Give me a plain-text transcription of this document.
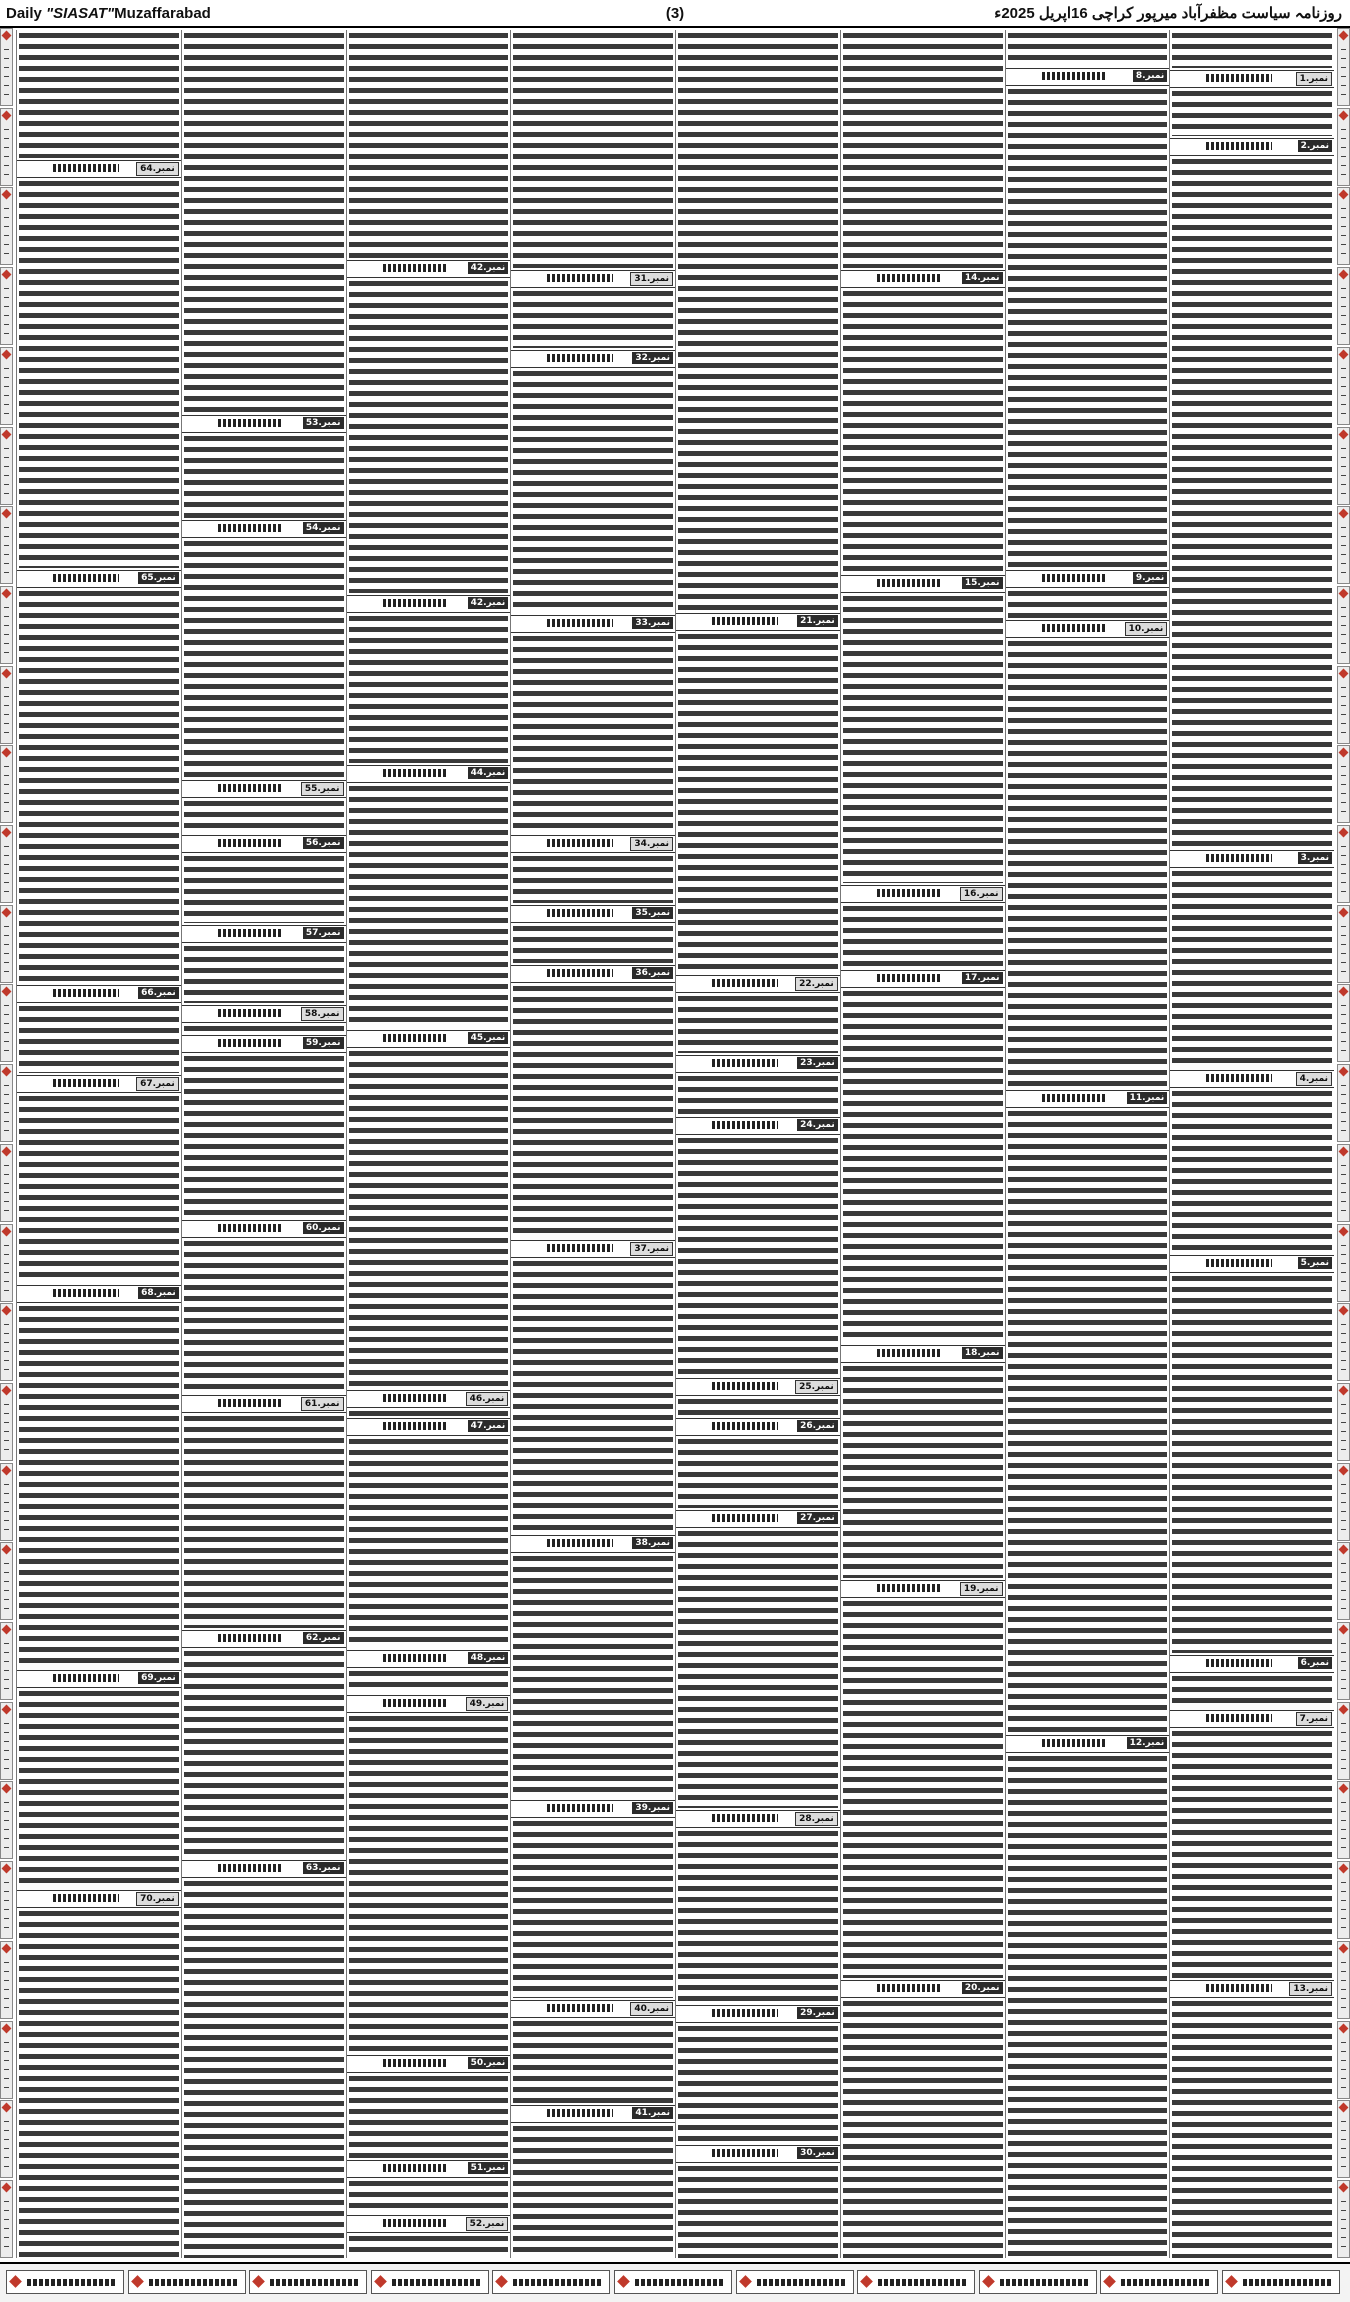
Daily "SIASAT"Muzaffarabad	(3)	روزنامہ سیاست مظفرآباد میرپور کراچی 16اپریل 2025ء
نمبر.1
نمبر.2
نمبر.3
نمبر.4
نمبر.5
نمبر.6
نمبر.7
نمبر.13
نمبر.8
نمبر.9
نمبر.10
نمبر.11
نمبر.12
نمبر.14
نمبر.15
نمبر.16
نمبر.17
نمبر.18
نمبر.19
نمبر.20
نمبر.21
نمبر.22
نمبر.23
نمبر.24
نمبر.25
نمبر.26
نمبر.27
نمبر.28
نمبر.29
نمبر.30
نمبر.31
نمبر.32
نمبر.33
نمبر.34
نمبر.35
نمبر.36
نمبر.37
نمبر.38
نمبر.39
نمبر.40
نمبر.41
نمبر.42
نمبر.42
نمبر.44
نمبر.45
نمبر.46
نمبر.47
نمبر.48
نمبر.49
نمبر.50
نمبر.51
نمبر.52
نمبر.53
نمبر.54
نمبر.55
نمبر.56
نمبر.57
نمبر.58
نمبر.59
نمبر.60
نمبر.61
نمبر.62
نمبر.63
نمبر.64
نمبر.65
نمبر.66
نمبر.67
نمبر.68
نمبر.69
نمبر.70
